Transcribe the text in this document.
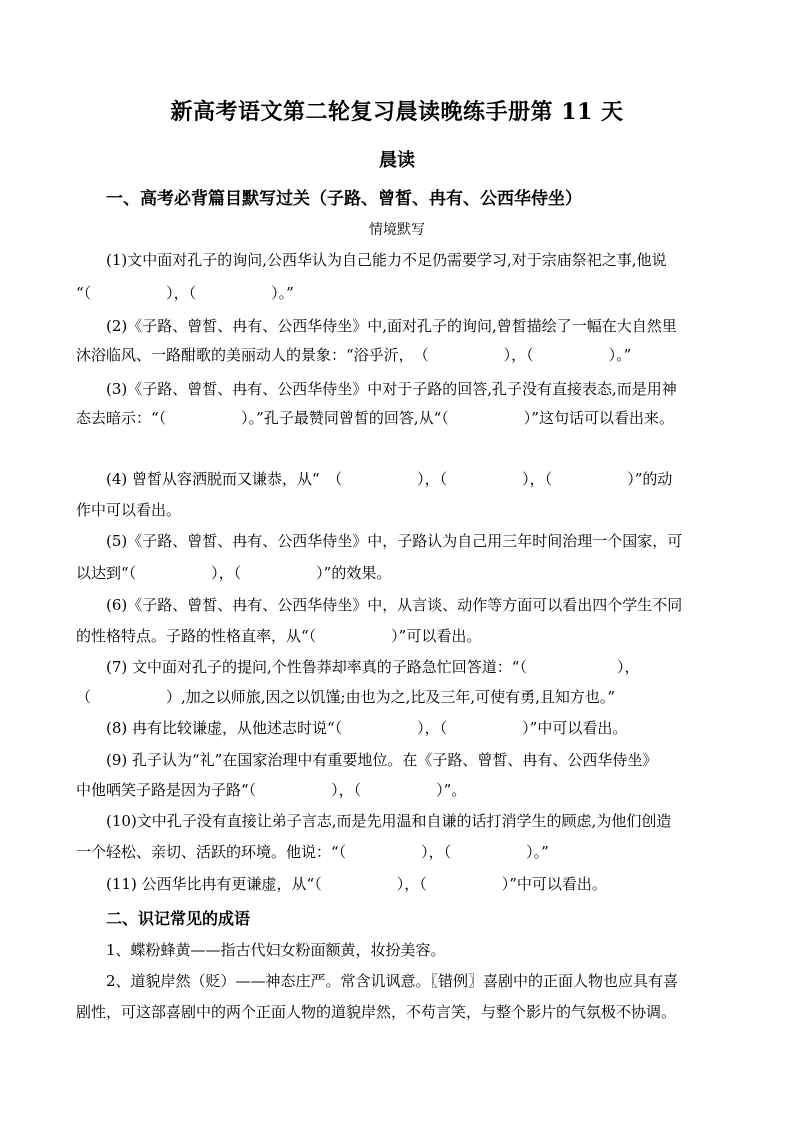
新高考语文第二轮复习晨读晚练手册第 11 天
晨读
一、高考必背篇目默写过关（子路、曾皙、冉有、公西华侍坐）
情境默写
(1)文中面对孔子的询问,公西华认为自己能力不足仍需要学习,对于宗庙祭祀之事,他说
“（　　　　　），（　　　　　）。”
(2)《子路、曾皙、冉有、公西华侍坐》中,面对孔子的询问,曾皙描绘了一幅在大自然里
沐浴临风、一路酣歌的美丽动人的景象：“浴乎沂，　（　　　　　），（　　　　　）。”
(3)《子路、曾皙、冉有、公西华侍坐》中对于子路的回答,孔子没有直接表态,而是用神
态去暗示：“（　　　　　）。”孔子最赞同曾皙的回答,从“（　　　　　）”这句话可以看出来。
(4) 曾皙从容洒脱而又谦恭，从“　（　　　　　），（　　　　　），（　　　　　）”的动
作中可以看出。
(5)《子路、曾皙、冉有、公西华侍坐》中，子路认为自己用三年时间治理一个国家，可
以达到“（　　　　　），（　　　　　）”的效果。
(6)《子路、曾皙、冉有、公西华侍坐》中，从言谈、动作等方面可以看出四个学生不同
的性格特点。子路的性格直率，从“（　　　　　）”可以看出。
(7) 文中面对孔子的提问,个性鲁莽却率真的子路急忙回答道：“（　　　　　　），
（　　　　　）,加之以师旅,因之以饥馑;由也为之,比及三年,可使有勇,且知方也。”
(8) 冉有比较谦虚，从他述志时说“（　　　　　），（　　　　　）”中可以看出。
(9) 孔子认为“礼”在国家治理中有重要地位。在《子路、曾皙、冉有、公西华侍坐》
中他哂笑子路是因为子路“（　　　　　），（　　　　　）”。
(10)文中孔子没有直接让弟子言志,而是先用温和自谦的话打消学生的顾虑,为他们创造
一个轻松、亲切、活跃的环境。他说：“（　　　　　），（　　　　　）。”
(11) 公西华比冉有更谦虚，从“（　　　　　），（　　　　　）”中可以看出。
二、识记常见的成语
1、蝶粉蜂黄——指古代妇女粉面额黄，妆扮美容。
2、道貌岸然（贬）——神态庄严。常含讥讽意。〖错例〗喜剧中的正面人物也应具有喜
剧性，可这部喜剧中的两个正面人物的道貌岸然，不苟言笑，与整个影片的气氛极不协调。
